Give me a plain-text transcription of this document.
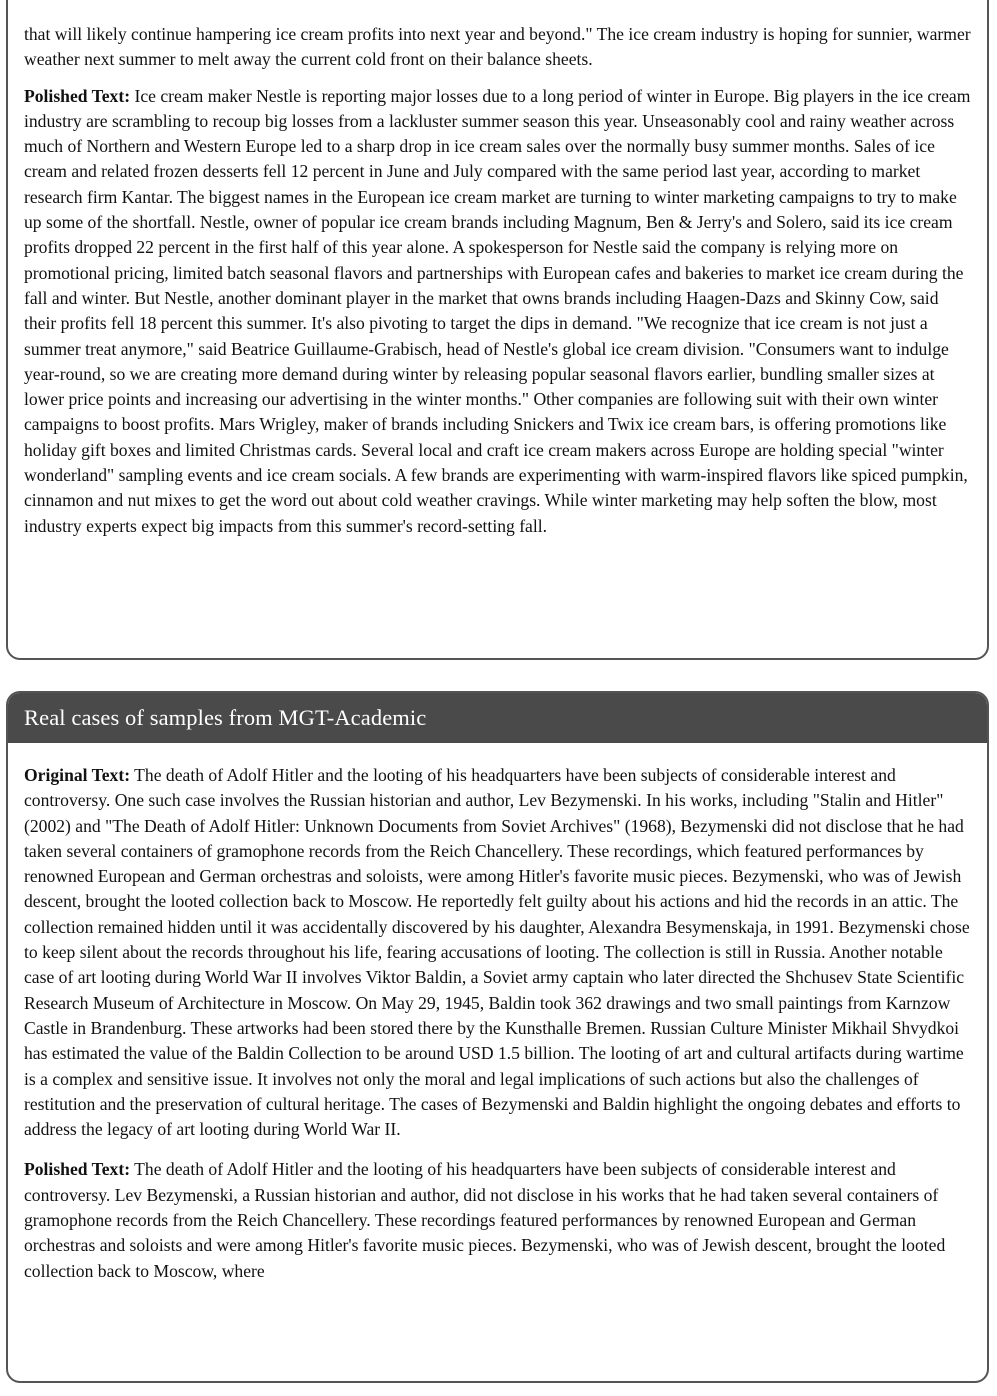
that will likely continue hampering ice cream profits into next year and beyond." The ice cream industry is hoping for sunnier, warmer weather next summer to melt away the current cold front on their balance sheets.

Polished Text: Ice cream maker Nestle is reporting major losses due to a long period of winter in Europe. Big players in the ice cream industry are scrambling to recoup big losses from a lackluster summer season this year. Unseasonably cool and rainy weather across much of Northern and Western Europe led to a sharp drop in ice cream sales over the normally busy summer months. Sales of ice cream and related frozen desserts fell 12 percent in June and July compared with the same period last year, according to market research firm Kantar. The biggest names in the European ice cream market are turning to winter marketing campaigns to try to make up some of the shortfall. Nestle, owner of popular ice cream brands including Magnum, Ben & Jerry's and Solero, said its ice cream profits dropped 22 percent in the first half of this year alone. A spokesperson for Nestle said the company is relying more on promotional pricing, limited batch seasonal flavors and partnerships with European cafes and bakeries to market ice cream during the fall and winter. But Nestle, another dominant player in the market that owns brands including Haagen-Dazs and Skinny Cow, said their profits fell 18 percent this summer. It's also pivoting to target the dips in demand. "We recognize that ice cream is not just a summer treat anymore," said Beatrice Guillaume-Grabisch, head of Nestle's global ice cream division. "Consumers want to indulge year-round, so we are creating more demand during winter by releasing popular seasonal flavors earlier, bundling smaller sizes at lower price points and increasing our advertising in the winter months." Other companies are following suit with their own winter campaigns to boost profits. Mars Wrigley, maker of brands including Snickers and Twix ice cream bars, is offering promotions like holiday gift boxes and limited Christmas cards. Several local and craft ice cream makers across Europe are holding special "winter wonderland" sampling events and ice cream socials. A few brands are experimenting with warm-inspired flavors like spiced pumpkin, cinnamon and nut mixes to get the word out about cold weather cravings. While winter marketing may help soften the blow, most industry experts expect big impacts from this summer's record-setting fall.

Real cases of samples from MGT-Academic

Original Text: The death of Adolf Hitler and the looting of his headquarters have been subjects of considerable interest and controversy. One such case involves the Russian historian and author, Lev Bezymenski. In his works, including "Stalin and Hitler" (2002) and "The Death of Adolf Hitler: Unknown Documents from Soviet Archives" (1968), Bezymenski did not disclose that he had taken several containers of gramophone records from the Reich Chancellery. These recordings, which featured performances by renowned European and German orchestras and soloists, were among Hitler's favorite music pieces. Bezymenski, who was of Jewish descent, brought the looted collection back to Moscow. He reportedly felt guilty about his actions and hid the records in an attic. The collection remained hidden until it was accidentally discovered by his daughter, Alexandra Besymenskaja, in 1991. Bezymenski chose to keep silent about the records throughout his life, fearing accusations of looting. The collection is still in Russia. Another notable case of art looting during World War II involves Viktor Baldin, a Soviet army captain who later directed the Shchusev State Scientific Research Museum of Architecture in Moscow. On May 29, 1945, Baldin took 362 drawings and two small paintings from Karnzow Castle in Brandenburg. These artworks had been stored there by the Kunsthalle Bremen. Russian Culture Minister Mikhail Shvydkoi has estimated the value of the Baldin Collection to be around USD 1.5 billion. The looting of art and cultural artifacts during wartime is a complex and sensitive issue. It involves not only the moral and legal implications of such actions but also the challenges of restitution and the preservation of cultural heritage. The cases of Bezymenski and Baldin highlight the ongoing debates and efforts to address the legacy of art looting during World War II.

Polished Text: The death of Adolf Hitler and the looting of his headquarters have been subjects of considerable interest and controversy. Lev Bezymenski, a Russian historian and author, did not disclose in his works that he had taken several containers of gramophone records from the Reich Chancellery. These recordings featured performances by renowned European and German orchestras and soloists and were among Hitler's favorite music pieces. Bezymenski, who was of Jewish descent, brought the looted collection back to Moscow, where
